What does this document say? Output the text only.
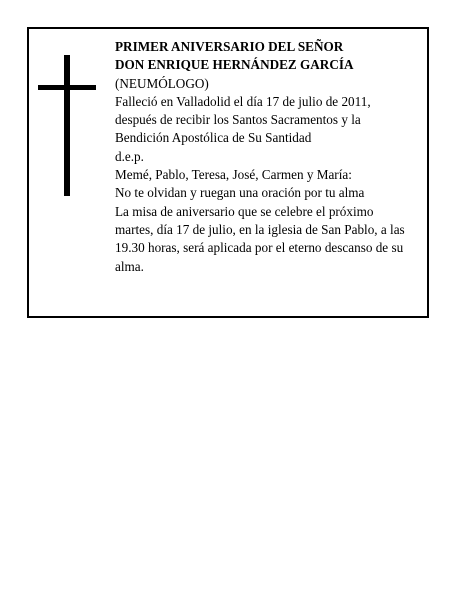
PRIMER ANIVERSARIO DEL SEÑOR
DON ENRIQUE HERNÁNDEZ GARCÍA
(NEUMÓLOGO)
Falleció en Valladolid el día 17 de julio de 2011,
después de recibir los Santos Sacramentos y la
Bendición Apostólica de Su Santidad
d.e.p.
Memé, Pablo, Teresa, José, Carmen y María:
No te olvidan y ruegan una oración por tu alma
La misa de aniversario que se celebre el próximo
martes, día 17 de julio, en la iglesia de San Pablo, a las
19.30 horas, será aplicada por el eterno descanso de su
alma.
